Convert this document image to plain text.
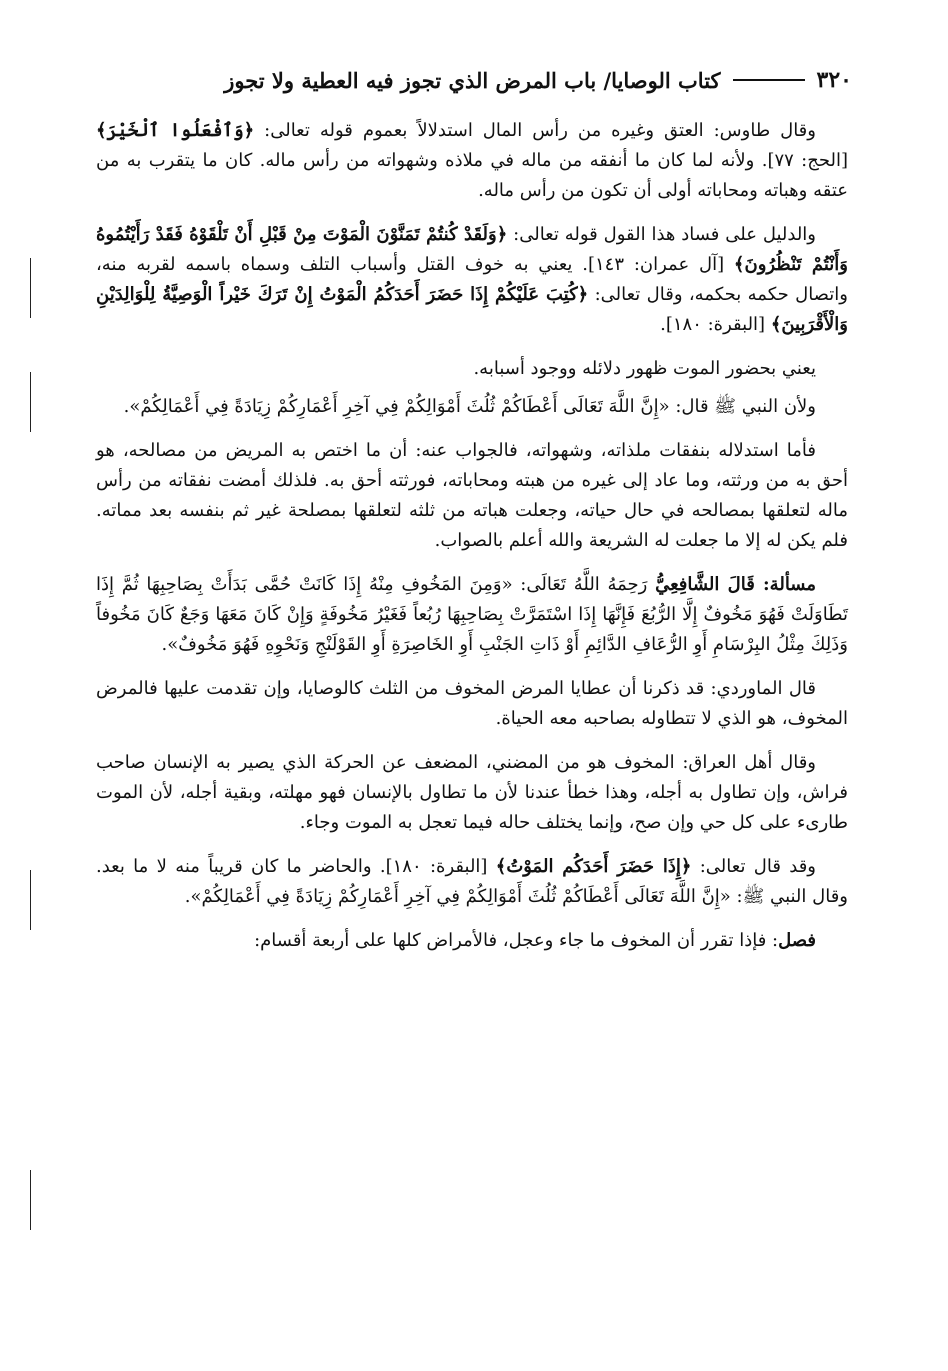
٣٢٠
كتاب الوصايا/ باب المرض الذي تجوز فيه العطية ولا تجوز

وقال طاوس: العتق وغيره من رأس المال استدلالاً بعموم قوله تعالى: ﴿وَٱفْعَلُوا ٱلْخَيْرَ﴾ [الحج: ٧٧]. ولأنه لما كان ما أنفقه من ماله في ملاذه وشهواته من رأس ماله. كان ما يتقرب به من عتقه وهباته ومحاباته أولى أن تكون من رأس ماله.

والدليل على فساد هذا القول قوله تعالى: ﴿وَلَقَدْ كُنتُمْ تَمَنَّوْنَ الْمَوْتَ مِنْ قَبْلِ أَنْ تَلْقَوْهُ فَقَدْ رَأَيْتُمُوهُ وَأَنْتُمْ تَنْظُرُونَ﴾ [آل عمران: ١٤٣]. يعني به خوف القتل وأسباب التلف وسماه باسمه لقربه منه، واتصال حكمه بحكمه، وقال تعالى: ﴿كُتِبَ عَلَيْكُمْ إِذَا حَضَرَ أَحَدَكُمُ الْمَوْتُ إِنْ تَرَكَ خَيْراً الْوَصِيَّةُ لِلْوَالِدَيْنِ وَالْأَقْرَبِينَ﴾ [البقرة: ١٨٠].

يعني بحضور الموت ظهور دلائله ووجود أسبابه.

ولأن النبي ﷺ قال: «إِنَّ اللَّهَ تَعَالَى أَعْطَاكُمْ ثُلُثَ أَمْوَالِكُمْ فِي آخِرِ أَعْمَارِكُمْ زِيَادَةً فِي أَعْمَالِكُمْ».

فأما استدلاله بنفقات ملذاته، وشهواته، فالجواب عنه: أن ما اختص به المريض من مصالحه، هو أحق به من ورثته، وما عاد إلى غيره من هبته ومحاباته، فورثته أحق به. فلذلك أمضت نفقاته من رأس ماله لتعلقها بمصالحه في حال حياته، وجعلت هباته من ثلثه لتعلقها بمصلحة غير ثم بنفسه بعد مماته. فلم يكن له إلا ما جعلت له الشريعة والله أعلم بالصواب.

مسألة: قَالَ الشَّافِعِيُّ رَحِمَهُ اللَّهُ تَعَالَى: «وَمِنَ المَخُوفِ مِنْهُ إِذَا كَانَتْ حُمَّى بَدَأَتْ بِصَاحِبِهَا ثُمَّ إِذَا تَطَاوَلَتْ فَهُوَ مَخُوفٌ إِلَّا الرُّبُعَ فَإِنَّهَا إِذَا اسْتَمَرَّتْ بِصَاحِبِهَا رُبُعاً فَغَيْرُ مَخُوفَةٍ وَإِنْ كَانَ مَعَهَا وَجَعٌ كَانَ مَخُوفاً وَذَلِكَ مِثْلُ البِرْسَامِ أَوِ الرُّعَافِ الدَّائِمِ أَوْ ذَاتِ الجَنْبِ أَوِ الخَاصِرَةِ أَوِ القَوْلَنْجِ وَنَحْوِهِ فَهُوَ مَخُوفٌ».

قال الماوردي: قد ذكرنا أن عطايا المرض المخوف من الثلث كالوصايا، وإن تقدمت عليها فالمرض المخوف، هو الذي لا تتطاوله بصاحبه معه الحياة.

وقال أهل العراق: المخوف هو من المضني، المضعف عن الحركة الذي يصير به الإنسان صاحب فراش، وإن تطاول به أجله، وهذا خطأ عندنا لأن ما تطاول بالإنسان فهو مهلته، وبقية أجله، لأن الموت طارىء على كل حي وإن صح، وإنما يختلف حاله فيما تعجل به الموت وجاء.

وقد قال تعالى: ﴿إِذَا حَضَرَ أَحَدَكُم المَوْتُ﴾ [البقرة: ١٨٠]. والحاضر ما كان قريباً منه لا ما بعد. وقال النبي ﷺ: «إِنَّ اللَّهَ تَعَالَى أَعْطَاكُمْ ثُلُثَ أَمْوَالِكُمْ فِي آخِرِ أَعْمَارِكُمْ زِيَادَةً فِي أَعْمَالِكُمْ».

فصل: فإذا تقرر أن المخوف ما جاء وعجل، فالأمراض كلها على أربعة أقسام:
